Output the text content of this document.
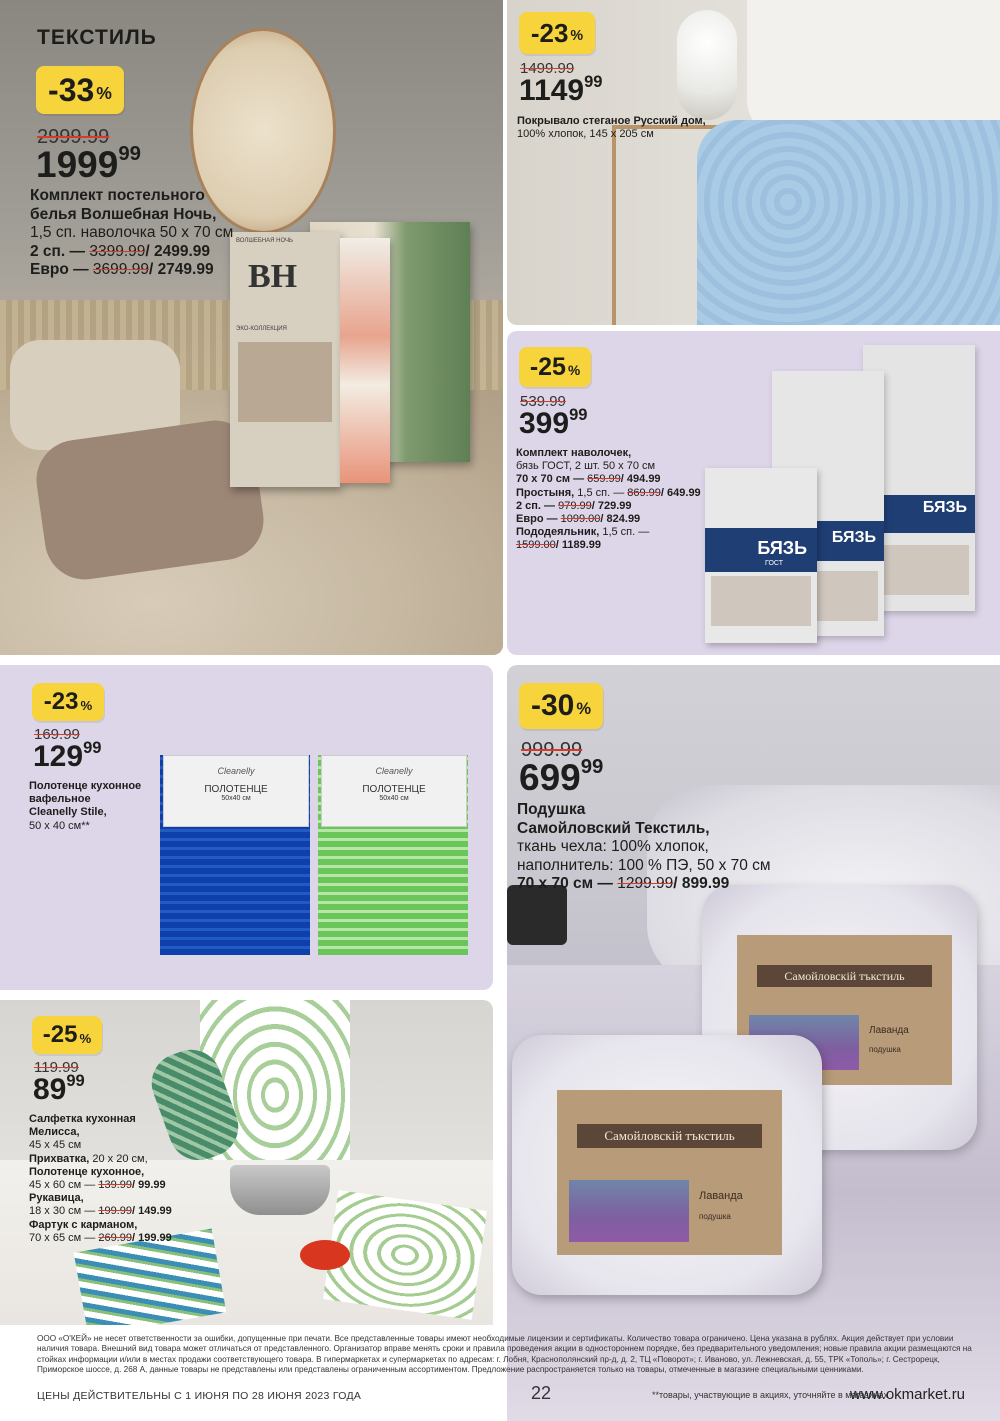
BH
ВОЛШЕБНАЯ НОЧЬ
ЭКО-КОЛЛЕКЦИЯ
ТЕКСТИЛЬ
-33 %
2999.99
1999$^{99}$
Комплект постельного
белья Волшебная Ночь,
1,5 сп. наволочка 50 х 70 см
2 сп. — 3399.99/ 2499.99
Евро — 3699.99/ 2749.99
-23 %
1499.99
1149$^{99}$
Покрывало стеганое Русский дом,
100% хлопок, 145 х 205 см
БЯЗЬ
БЯЗЬ
БЯЗЬ
ГОСТ
-25 %
539.99
$399^{99}$
Комплект наволочек,
бязь ГОСТ, 2 шт. 50 х 70 см
70 х 70 см — 659.99/ 494.99
Простыня, 1,5 сп. — 869.99/ 649.99
2 сп. — 979.99/ 729.99
Евро — 1099.00/ 824.99
Пододеяльник, 1,5 сп. —
1599.00/ 1189.99
Cleanelly
ПОЛОТЕНЦЕ
50x40 см
Cleanelly
ПОЛОТЕНЦЕ
50x40 см
-23 %
169.99
$129^{99}$
Полотенце кухонное
вафельное
Cleanelly Stile,
50 х 40 см**
-25 %
119.99
$89^{99}$
Салфетка кухонная
Мелисса,
45 х 45 см
Прихватка, 20 х 20 см,
Полотенце кухонное,
45 х 60 см — 139.99/ 99.99
Рукавица,
18 х 30 см — 199.99/ 149.99
Фартук с карманом,
70 х 65 см — 269.99/ 199.99
Самойловскiй тъкстиль
Лаванда
подушка
Самойловскiй тъкстиль
Лаванда
подушка
-30 %
999.99
$699^{99}$
Подушка
Самойловский Текстиль,
ткань чехла: 100% хлопок,
наполнитель: 100 % ПЭ, 50 х 70 см
70 х 70 см — 1299.99/ 899.99
ООО «О'КЕЙ» не несет ответственности за ошибки, допущенные при печати. Все представленные товары имеют необходимые лицензии и сертификаты. Количество товара ограничено. Цена указана в рублях. Акция действует при условии наличия товара. Внешний вид товара может отличаться от представленного. Организатор вправе менять сроки и правила проведения акции в одностороннем порядке, без предварительного уведомления; новые правила акции размещаются на стойках информации и/или в местах продажи соответствующего товара. В гипермаркетах и супермаркетах по адресам: г. Лобня, Краснополянский пр-д, д. 2, ТЦ «Поворот»; г. Иваново, ул. Лежневская, д. 55, ТРК «Тополь»; г. Сестрорецк, Приморское шоссе, д. 268 А, данные товары не представлены или представлены ограниченным ассортиментом. Предложение распространяется только на товары, отмеченные в магазине специальными ценниками.
ЦЕНЫ ДЕЙСТВИТЕЛЬНЫ С 1 ИЮНЯ ПО 28 ИЮНЯ 2023 ГОДА	22	**товары, участвующие в акциях, уточняйте в магазинах
www.okmarket.ru
